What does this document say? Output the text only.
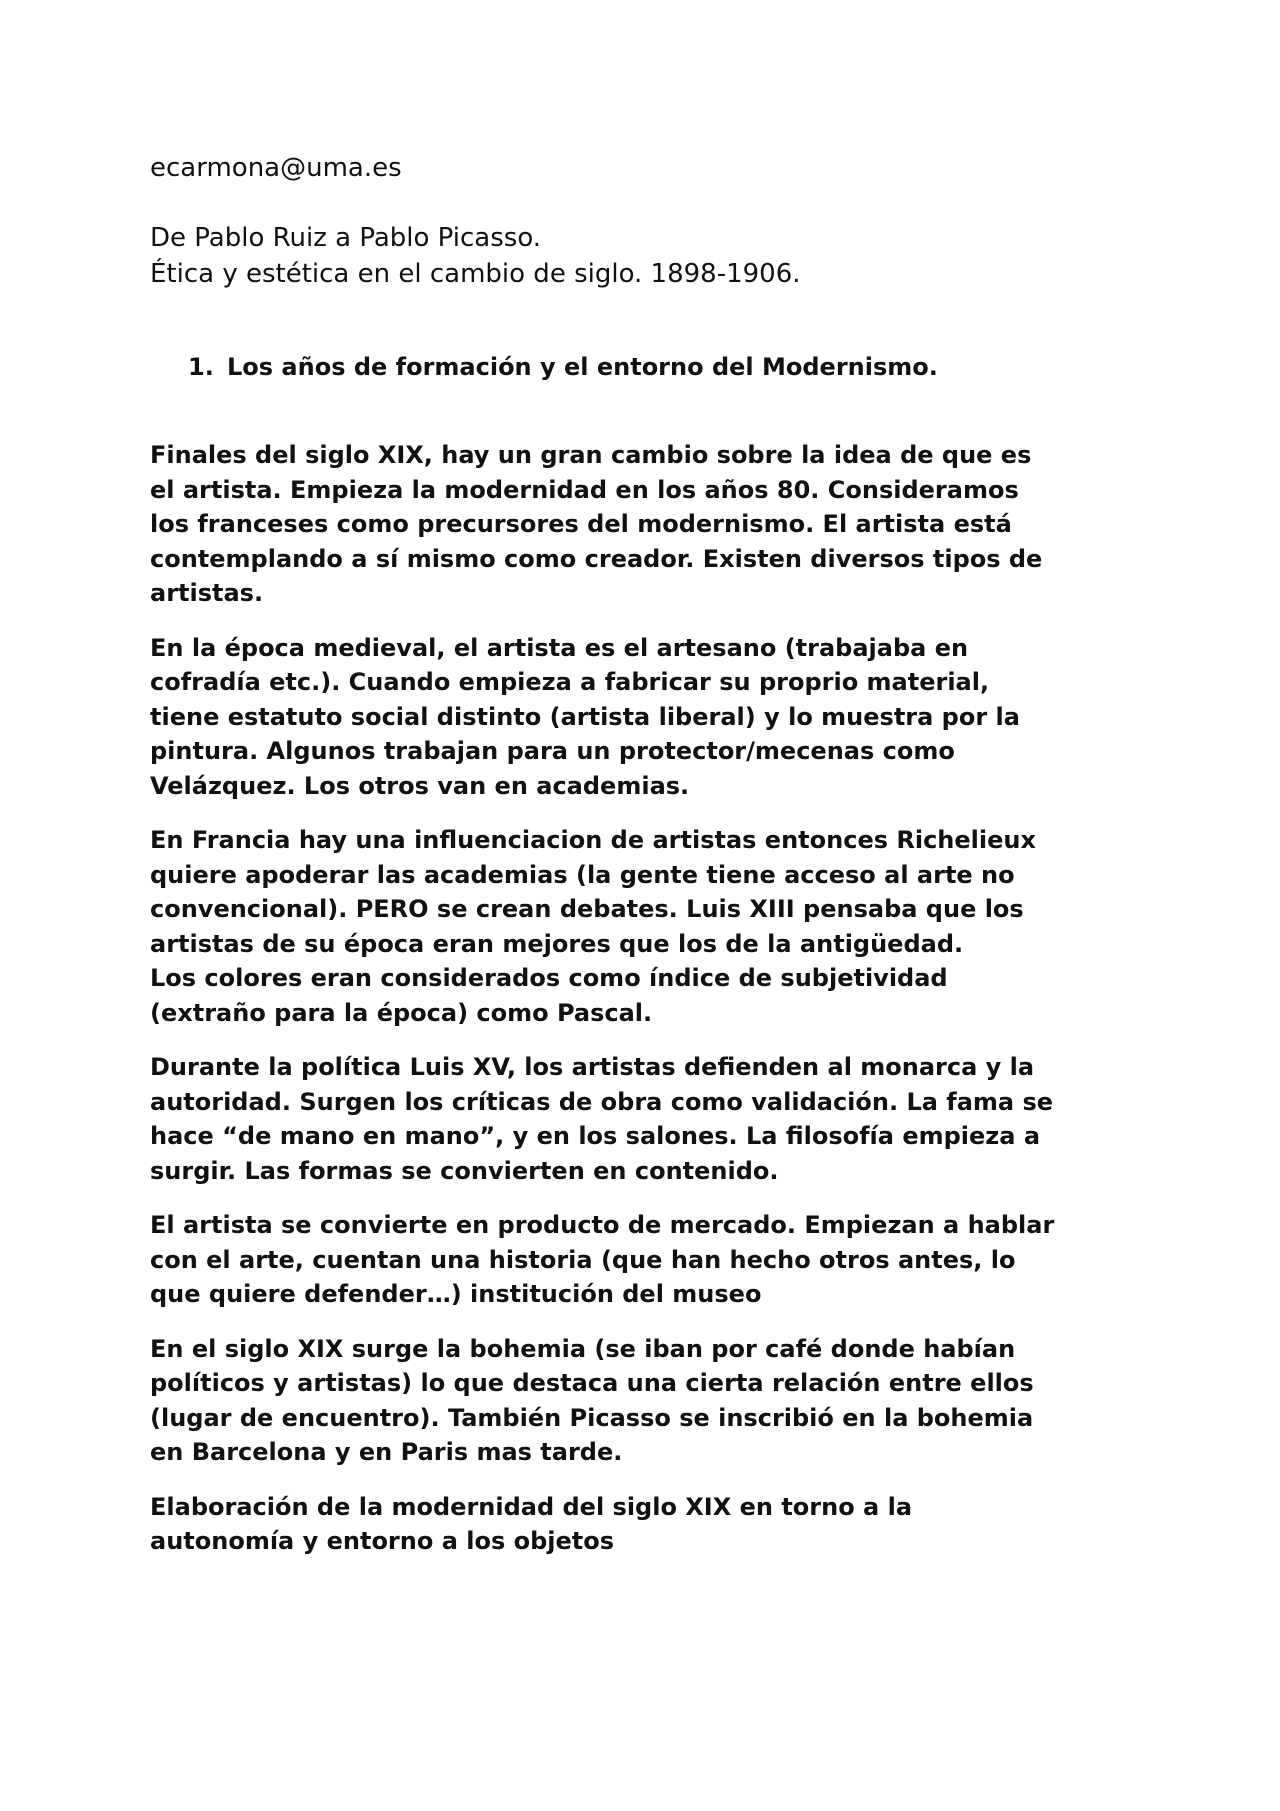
ecarmona@uma.es

De Pablo Ruiz a Pablo Picasso.
Ética y estética en el cambio de siglo. 1898-1906.
1. Los años de formación y el entorno del Modernismo.

Finales del siglo XIX, hay un gran cambio sobre la idea de que es
el artista. Empieza la modernidad en los años 80. Consideramos
los franceses como precursores del modernismo. El artista está
contemplando a sí mismo como creador. Existen diversos tipos de
artistas.

En la época medieval, el artista es el artesano (trabajaba en
cofradía etc.). Cuando empieza a fabricar su proprio material,
tiene estatuto social distinto (artista liberal) y lo muestra por la
pintura. Algunos trabajan para un protector/mecenas como
Velázquez. Los otros van en academias.

En Francia hay una influenciacion de artistas entonces Richelieux
quiere apoderar las academias (la gente tiene acceso al arte no
convencional). PERO se crean debates. Luis XIII pensaba que los
artistas de su época eran mejores que los de la antigüedad.
Los colores eran considerados como índice de subjetividad
(extraño para la época) como Pascal.

Durante la política Luis XV, los artistas defienden al monarca y la
autoridad. Surgen los críticas de obra como validación. La fama se
hace “de mano en mano”, y en los salones. La filosofía empieza a
surgir. Las formas se convierten en contenido.

El artista se convierte en producto de mercado. Empiezan a hablar
con el arte, cuentan una historia (que han hecho otros antes, lo
que quiere defender…) institución del museo

En el siglo XIX surge la bohemia (se iban por café donde habían
políticos y artistas) lo que destaca una cierta relación entre ellos
(lugar de encuentro). También Picasso se inscribió en la bohemia
en Barcelona y en Paris mas tarde.

Elaboración de la modernidad del siglo XIX en torno a la
autonomía y entorno a los objetos
